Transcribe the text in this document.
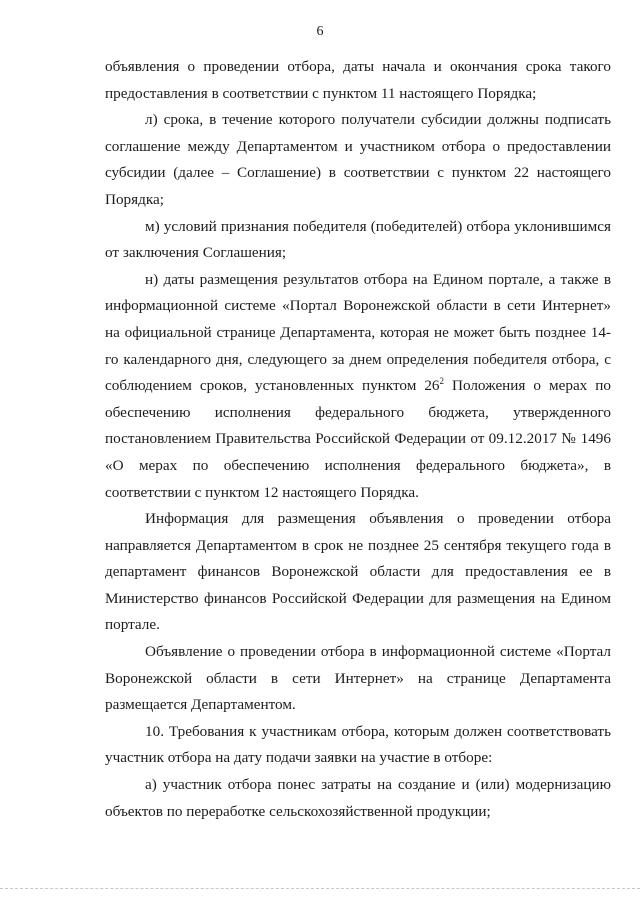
6

объявления о проведении отбора, даты начала и окончания срока такого предоставления в соответствии с пунктом 11 настоящего Порядка;

л) срока, в течение которого получатели субсидии должны подписать соглашение между Департаментом и участником отбора о предоставлении субсидии (далее – Соглашение) в соответствии с пунктом 22 настоящего Порядка;

м) условий признания победителя (победителей) отбора уклонившимся от заключения Соглашения;

н) даты размещения результатов отбора на Едином портале, а также в информационной системе «Портал Воронежской области в сети Интернет» на официальной странице Департамента, которая не может быть позднее 14-го календарного дня, следующего за днем определения победителя отбора, с соблюдением сроков, установленных пунктом $26^2$ Положения о мерах по обеспечению исполнения федерального бюджета, утвержденного постановлением Правительства Российской Федерации от 09.12.2017 № 1496 «О мерах по обеспечению исполнения федерального бюджета», в соответствии с пунктом 12 настоящего Порядка.

Информация для размещения объявления о проведении отбора направляется Департаментом в срок не позднее 25 сентября текущего года в департамент финансов Воронежской области для предоставления ее в Министерство финансов Российской Федерации для размещения на Едином портале.

Объявление о проведении отбора в информационной системе «Портал Воронежской области в сети Интернет» на странице Департамента размещается Департаментом.

10. Требования к участникам отбора, которым должен соответствовать участник отбора на дату подачи заявки на участие в отборе:

а) участник отбора понес затраты на создание и (или) модернизацию объектов по переработке сельскохозяйственной продукции;
